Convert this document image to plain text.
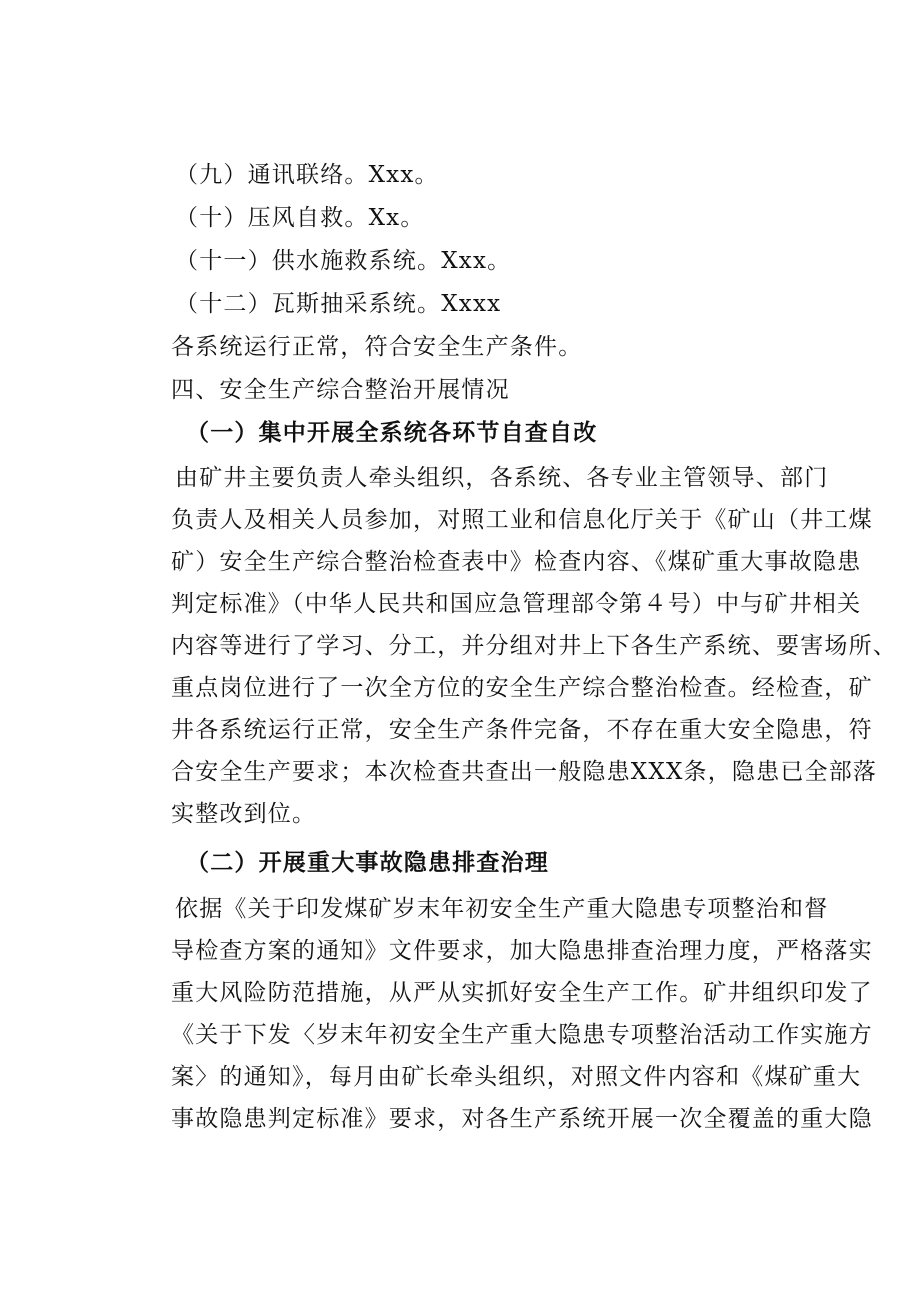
（九）通讯联络。Xxx。
（十）压风自救。Xx。
（十一）供水施救系统。Xxx。
（十二）瓦斯抽采系统。Xxxx
各系统运行正常，符合安全生产条件。
四、安全生产综合整治开展情况
（一）集中开展全系统各环节自查自改
由矿井主要负责人牵头组织，各系统、各专业主管领导、部门
负责人及相关人员参加，对照工业和信息化厅关于《矿山（井工煤
矿）安全生产综合整治检查表中》检查内容、《煤矿重大事故隐患
判定标准》（中华人民共和国应急管理部令第４号）中与矿井相关
内容等进行了学习、分工，并分组对井上下各生产系统、要害场所、
重点岗位进行了一次全方位的安全生产综合整治检查。经检查，矿
井各系统运行正常，安全生产条件完备，不存在重大安全隐患，符
合安全生产要求；本次检查共查出一般隐患XXX条，隐患已全部落
实整改到位。
（二）开展重大事故隐患排查治理
依据《关于印发煤矿岁末年初安全生产重大隐患专项整治和督
导检查方案的通知》文件要求，加大隐患排查治理力度，严格落实
重大风险防范措施，从严从实抓好安全生产工作。矿井组织印发了
《关于下发〈岁末年初安全生产重大隐患专项整治活动工作实施方
案〉的通知》，每月由矿长牵头组织，对照文件内容和《煤矿重大
事故隐患判定标准》要求，对各生产系统开展一次全覆盖的重大隐
